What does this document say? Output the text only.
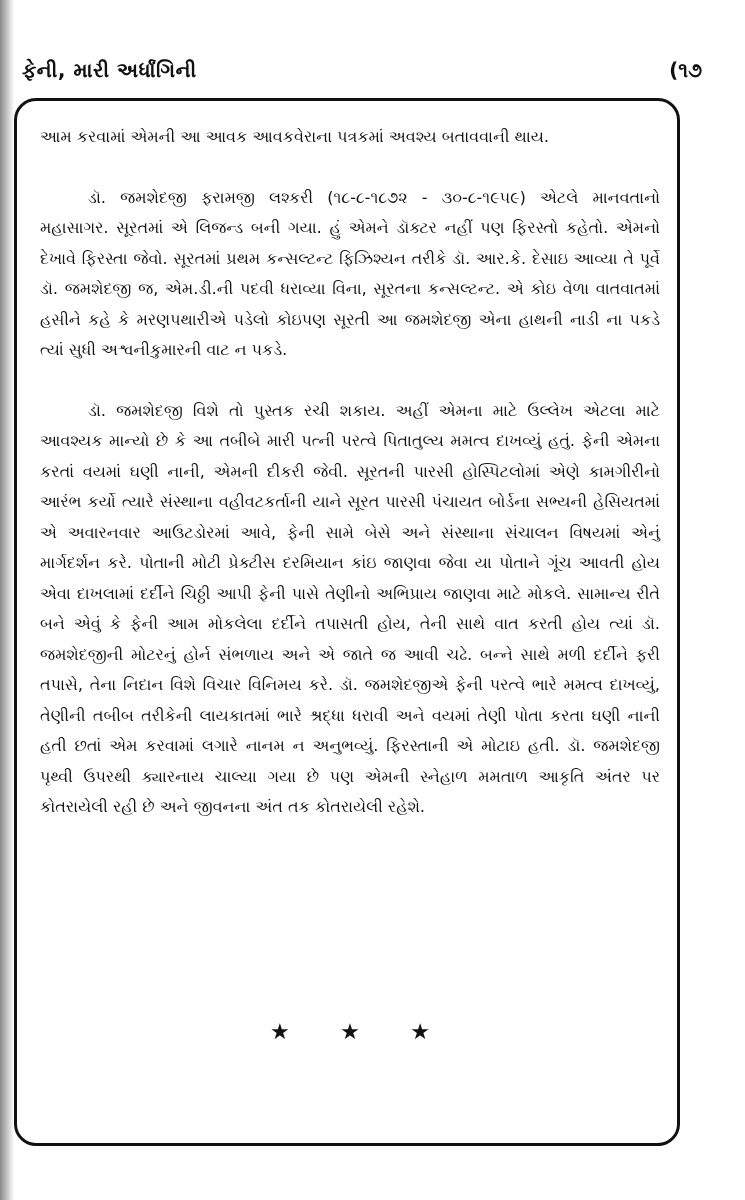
ફેની, મારી અર્ધાંગિની	(૧૭

આમ કરવામાં એમની આ આવક આવકવેરાના પત્રકમાં અવશ્ય બતાવવાની થાય.

ડૉ. જમશેદજી ફરામજી લશ્કરી (૧૮-૮-૧૮૭૨ - ૩૦-૮-૧૯૫૯) એટલે માનવતાનો મહાસાગર. સૂરતમાં એ લિજન્ડ બની ગયા. હું એમને ડૉક્ટર નહીં પણ ફિરસ્તો કહેતો. એમનો દેખાવે ફિરસ્તા જેવો. સૂરતમાં પ્રથમ કન્સલ્ટન્ટ ફિઝિશ્યન તરીકે ડૉ. આર.કે. દેસાઇ આવ્યા તે પૂર્વે ડૉ. જમશેદજી જ, એમ.ડી.ની પદવી ધરાવ્યા વિના, સૂરતના કન્સલ્ટન્ટ. એ કોઇ વેળા વાતવાતમાં હસીને કહે કે મરણપથારીએ પડેલો કોઇપણ સૂરતી આ જમશેદજી એના હાથની નાડી ના પકડે ત્યાં સુધી અશ્વનીકુમારની વાટ ન પકડે.

ડૉ. જમશેદજી વિશે તો પુસ્તક રચી શકાય. અહીં એમના માટે ઉલ્લેખ એટલા માટે આવશ્યક માન્યો છે કે આ તબીબે મારી પત્ની પરત્વે પિતાતુલ્ય મમત્વ દાખવ્યું હતું. ફેની એમના કરતાં વયમાં ઘણી નાની, એમની દીકરી જેવી. સૂરતની પારસી હોસ્પિટલોમાં એણે કામગીરીનો આરંભ કર્યો ત્યારે સંસ્થાના વહીવટકર્તાની યાને સૂરત પારસી પંચાયત બોર્ડના સભ્યની હેસિયતમાં એ અવારનવાર આઉટડોરમાં આવે, ફેની સામે બેસે અને સંસ્થાના સંચાલન વિષયમાં એનું માર્ગદર્શન કરે. પોતાની મોટી પ્રેક્ટીસ દરમિયાન કાંઇ જાણવા જેવા યા પોતાને ગૂંચ આવતી હોય એવા દાખલામાં દર્દીને ચિઠ્ઠી આપી ફેની પાસે તેણીનો અભિપ્રાય જાણવા માટે મોકલે. સામાન્ય રીતે બને એવું કે ફેની આમ મોકલેલા દર્દીને તપાસતી હોય, તેની સાથે વાત કરતી હોય ત્યાં ડૉ. જમશેદજીની મોટરનું હોર્ન સંભળાય અને એ જાતે જ આવી ચઢે. બન્ને સાથે મળી દર્દીને ફરી તપાસે, તેના નિદાન વિશે વિચાર વિનિમય કરે. ડૉ. જમશેદજીએ ફેની પરત્વે ભારે મમત્વ દાખવ્યું, તેણીની તબીબ તરીકેની લાયકાતમાં ભારે શ્રદ્ધા ધરાવી અને વયમાં તેણી પોતા કરતા ઘણી નાની હતી છતાં એમ કરવામાં લગારે નાનમ ન અનુભવ્યું. ફિરસ્તાની એ મોટાઇ હતી. ડૉ. જમશેદજી પૃથ્વી ઉપરથી ક્યારનાય ચાલ્યા ગયા છે પણ એમની સ્નેહાળ મમતાળ આકૃતિ અંતર પર કોતરાયેલી રહી છે અને જીવનના અંત તક કોતરાયેલી રહેશે.

★ ★ ★
